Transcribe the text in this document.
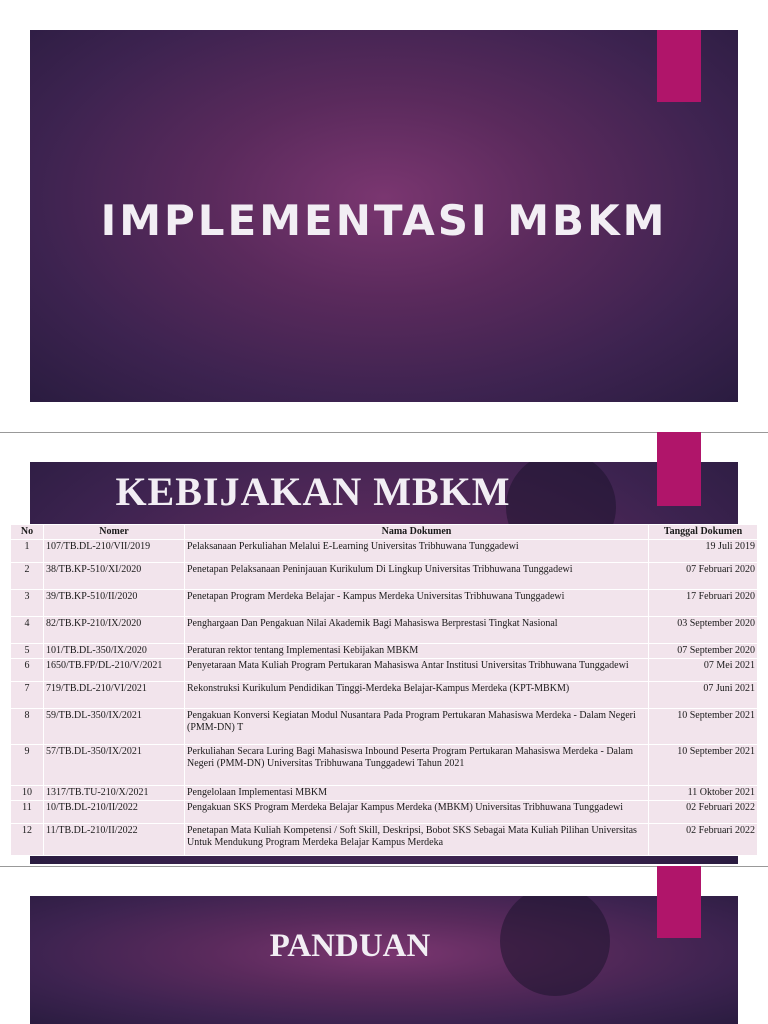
IMPLEMENTASI MBKM
KEBIJAKAN MBKM
No	Nomer	Nama Dokumen	Tanggal Dokumen
1	107/TB.DL-210/VII/2019	Pelaksanaan Perkuliahan Melalui E-Learning Universitas Tribhuwana Tunggadewi	19 Juli 2019
2	38/TB.KP-510/XI/2020	Penetapan Pelaksanaan Peninjauan Kurikulum Di Lingkup Universitas Tribhuwana Tunggadewi	07 Februari 2020
3	39/TB.KP-510/II/2020	Penetapan Program Merdeka Belajar - Kampus Merdeka Universitas Tribhuwana Tunggadewi	17 Februari 2020
4	82/TB.KP-210/IX/2020	Penghargaan Dan Pengakuan Nilai Akademik Bagi Mahasiswa Berprestasi Tingkat Nasional	03 September 2020
5	101/TB.DL-350/IX/2020	Peraturan rektor tentang Implementasi Kebijakan MBKM	07 September 2020
6	1650/TB.FP/DL-210/V/2021	Penyetaraan Mata Kuliah Program Pertukaran Mahasiswa Antar Institusi Universitas Tribhuwana Tunggadewi	07 Mei 2021
7	719/TB.DL-210/VI/2021	Rekonstruksi Kurikulum Pendidikan Tinggi-Merdeka Belajar-Kampus Merdeka (KPT-MBKM)	07 Juni 2021
8	59/TB.DL-350/IX/2021	Pengakuan Konversi Kegiatan Modul Nusantara Pada Program Pertukaran Mahasiswa Merdeka - Dalam Negeri (PMM-DN) T	10 September 2021
9	57/TB.DL-350/IX/2021	Perkuliahan Secara Luring Bagi Mahasiswa Inbound Peserta Program Pertukaran Mahasiswa Merdeka - Dalam Negeri (PMM-DN) Universitas Tribhuwana Tunggadewi Tahun 2021	10 September 2021
10	1317/TB.TU-210/X/2021	Pengelolaan Implementasi MBKM	11 Oktober 2021
11	10/TB.DL-210/II/2022	Pengakuan SKS Program Merdeka Belajar Kampus Merdeka (MBKM) Universitas Tribhuwana Tunggadewi	02 Februari 2022
12	11/TB.DL-210/II/2022	Penetapan Mata Kuliah Kompetensi / Soft Skill, Deskripsi, Bobot SKS Sebagai Mata Kuliah Pilihan Universitas Untuk Mendukung Program Merdeka Belajar Kampus Merdeka	02 Februari 2022
PANDUAN
